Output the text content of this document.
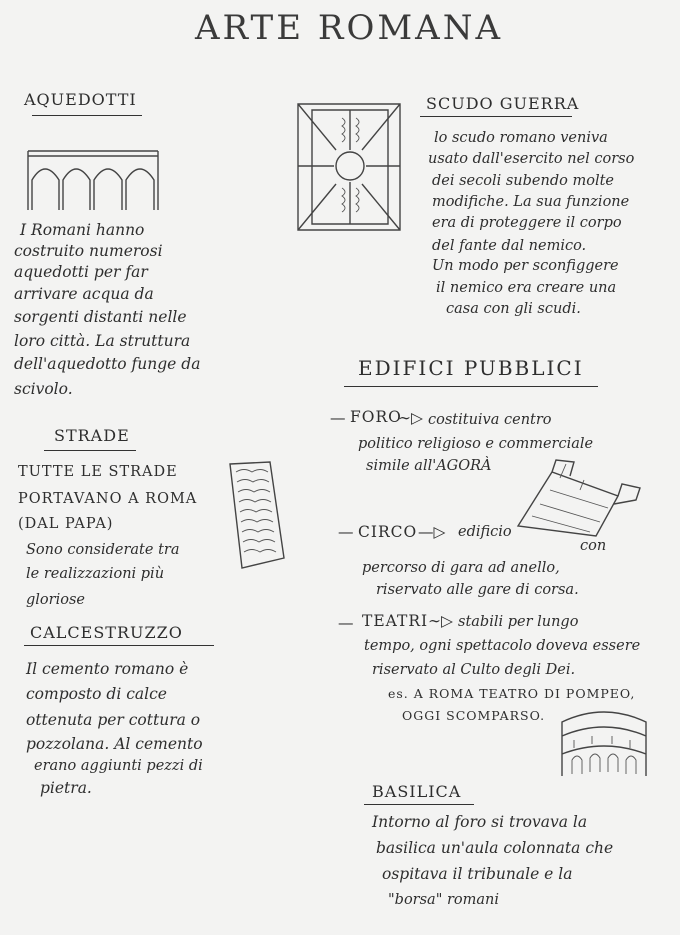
ARTE ROMANA
AQUEDOTTI
I Romani hanno
costruito numerosi
aquedotti per far
arrivare acqua da
sorgenti distanti nelle
loro città. La struttura
dell'aquedotto funge da
scivolo.
STRADE
TUTTE LE STRADE
PORTAVANO A ROMA
(DAL PAPA)
Sono considerate tra
le realizzazioni più
gloriose
CALCESTRUZZO
Il cemento romano è
composto di calce
ottenuta per cottura o
pozzolana. Al cemento
erano aggiunti pezzi di
pietra.
SCUDO GUERRA
lo scudo romano veniva
usato dall'esercito nel corso
dei secoli subendo molte
modifiche. La sua funzione
era di proteggere il corpo
del fante dal nemico.
Un modo per sconfiggere
il nemico era creare una
casa con gli scudi.
EDIFICI PUBBLICI
— FORO
∼▷ costituiva centro
politico religioso e commerciale
simile all'AGORÀ
— CIRCO —▷ edificio
con
percorso di gara ad anello,
riservato alle gare di corsa.
— TEATRI ∼▷ stabili per lungo
tempo, ogni spettacolo doveva essere
riservato al Culto degli Dei.
es. A ROMA TEATRO DI POMPEO,
OGGI SCOMPARSO.
BASILICA
Intorno al foro si trovava la
basilica un'aula colonnata che
ospitava il tribunale e la
"borsa" romani
